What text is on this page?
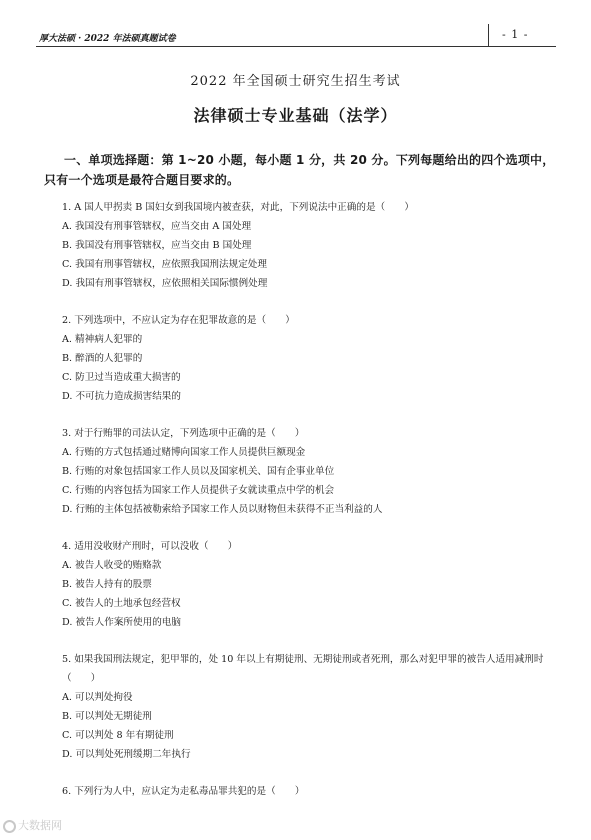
厚大法硕 · 2022 年法硕真题试卷	- 1 -
2022 年全国硕士研究生招生考试
法律硕士专业基础（法学）
一、单项选择题：第 1~20 小题，每小题 1 分，共 20 分。下列每题给出的四个选项中，只有一个选项是最符合题目要求的。
1. A 国人甲拐卖 B 国妇女到我国境内被查获，对此，下列说法中正确的是（　　）
A. 我国没有刑事管辖权，应当交由 A 国处理
B. 我国没有刑事管辖权，应当交由 B 国处理
C. 我国有刑事管辖权，应依照我国刑法规定处理
D. 我国有刑事管辖权，应依照相关国际惯例处理
2. 下列选项中，不应认定为存在犯罪故意的是（　　）
A. 精神病人犯罪的
B. 醉酒的人犯罪的
C. 防卫过当造成重大损害的
D. 不可抗力造成损害结果的
3. 对于行贿罪的司法认定，下列选项中正确的是（　　）
A. 行贿的方式包括通过赌博向国家工作人员提供巨额现金
B. 行贿的对象包括国家工作人员以及国家机关、国有企事业单位
C. 行贿的内容包括为国家工作人员提供子女就读重点中学的机会
D. 行贿的主体包括被勒索给予国家工作人员以财物但未获得不正当利益的人
4. 适用没收财产刑时，可以没收（　　）
A. 被告人收受的贿赂款
B. 被告人持有的股票
C. 被告人的土地承包经营权
D. 被告人作案所使用的电脑
5. 如果我国刑法规定，犯甲罪的，处 10 年以上有期徒刑、无期徒刑或者死刑，那么对犯甲罪的被告人适用减刑时（　　）
A. 可以判处拘役
B. 可以判处无期徒刑
C. 可以判处 8 年有期徒刑
D. 可以判处死刑缓期二年执行
6. 下列行为人中，应认定为走私毒品罪共犯的是（　　）
大数据网
